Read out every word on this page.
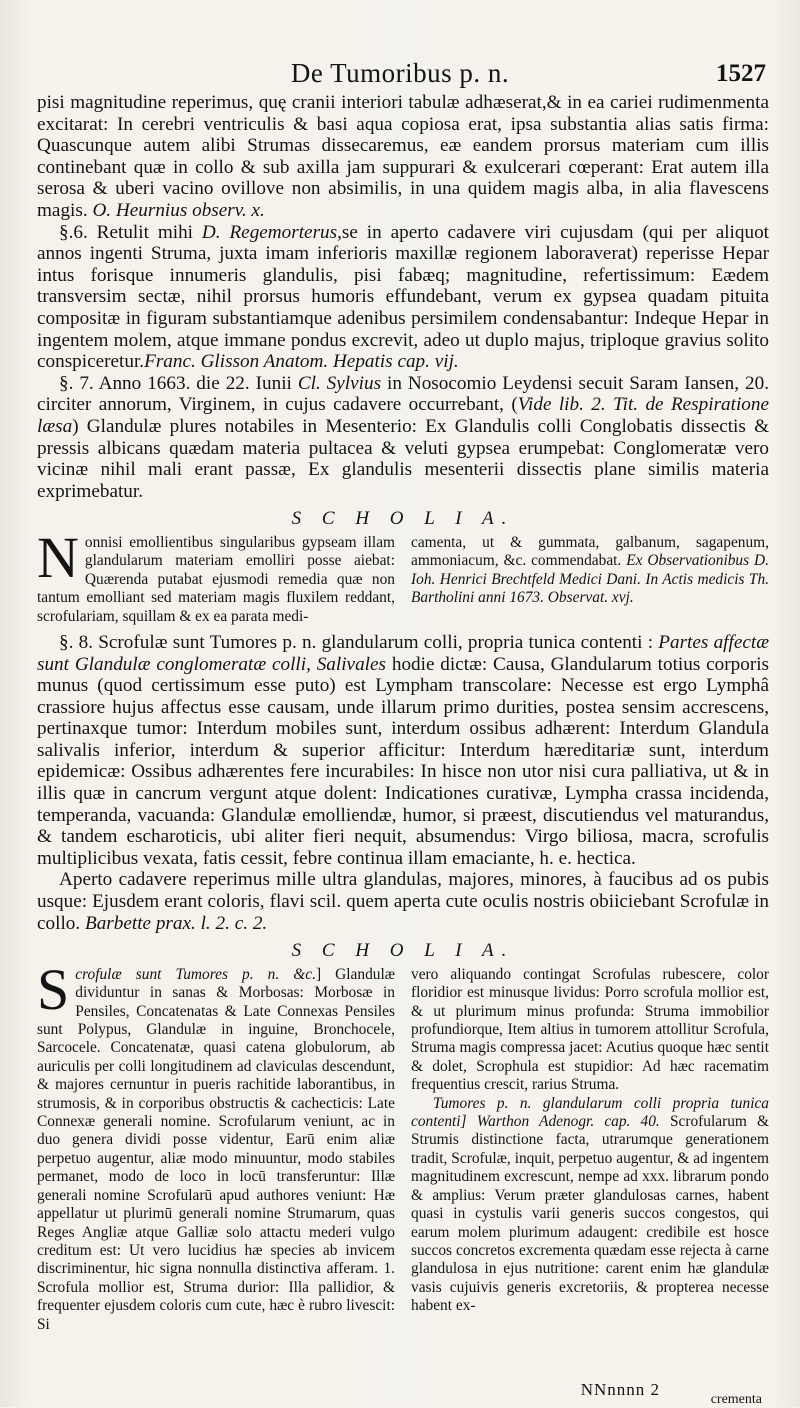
De Tumoribus p. n.	1527

pisi magnitudine reperimus, quę cranii interiori tabulæ adhæserat,& in ea cariei rudimenmenta excitarat: In cerebri ventriculis & basi aqua copiosa erat, ipsa substantia alias satis firma: Quascunque autem alibi Strumas dissecaremus, eæ eandem prorsus materiam cum illis continebant quæ in collo & sub axilla jam suppurari & exulcerari cœperant: Erat autem illa serosa & uberi vacino ovillove non absimilis, in una quidem magis alba, in alia flavescens magis. O. Heurnius observ. x.

§.6. Retulit mihi D. Regemorterus,se in aperto cadavere viri cujusdam (qui per aliquot annos ingenti Struma, juxta imam inferioris maxillæ regionem laboraverat) reperisse Hepar intus forisque innumeris glandulis, pisi fabæq; magnitudine, refertissimum: Eædem transversim sectæ, nihil prorsus humoris effundebant, verum ex gypsea quadam pituita compositæ in figuram substantiamque adenibus persimilem condensabantur: Indeque Hepar in ingentem molem, atque immane pondus excrevit, adeo ut duplo majus, triploque gravius solito conspiceretur.Franc. Glisson Anatom. Hepatis cap. vij.

§. 7. Anno 1663. die 22. Iunii Cl. Sylvius in Nosocomio Leydensi secuit Saram Iansen, 20. circiter annorum, Virginem, in cujus cadavere occurrebant, (Vide lib. 2. Tit. de Respiratione læsa) Glandulæ plures notabiles in Mesenterio: Ex Glandulis colli Conglobatis dissectis & pressis albicans quædam materia pultacea & veluti gypsea erumpebat: Conglomeratæ vero vicinæ nihil mali erant passæ, Ex glandulis mesenterii dissectis plane similis materia exprimebatur.

S C H O L I A.

Nonnisi emollientibus singularibus gypseam illam glandularum materiam emolliri posse aiebat: Quærenda putabat ejusmodi remedia quæ non tantum emolliant sed materiam magis fluxilem reddant, scrofulariam, squillam & ex ea parata medi-

camenta, ut & gummata, galbanum, sagapenum, ammoniacum, &c. commendabat. Ex Observationibus D. Ioh. Henrici Brechtfeld Medici Dani. In Actis medicis Th. Bartholini anni 1673. Observat. xvj.

§. 8. Scrofulæ sunt Tumores p. n. glandularum colli, propria tunica contenti : Partes affectæ sunt Glandulæ conglomeratæ colli, Salivales hodie dictæ: Causa, Glandularum totius corporis munus (quod certissimum esse puto) est Lympham transcolare: Necesse est ergo Lymphâ crassiore hujus affectus esse causam, unde illarum primo durities, postea sensim accrescens, pertinaxque tumor: Interdum mobiles sunt, interdum ossibus adhærent: Interdum Glandula salivalis inferior, interdum & superior afficitur: Interdum hæreditariæ sunt, interdum epidemicæ: Ossibus adhærentes fere incurabiles: In hisce non utor nisi cura palliativa, ut & in illis quæ in cancrum vergunt atque dolent: Indicationes curativæ, Lympha crassa incidenda, temperanda, vacuanda: Glandulæ emolliendæ, humor, si præest, discutiendus vel maturandus, & tandem escharoticis, ubi aliter fieri nequit, absumendus: Virgo biliosa, macra, scrofulis multiplicibus vexata, fatis cessit, febre continua illam emaciante, h. e. hectica.

Aperto cadavere reperimus mille ultra glandulas, majores, minores, à faucibus ad os pubis usque: Ejusdem erant coloris, flavi scil. quem aperta cute oculis nostris obiiciebant Scrofulæ in collo. Barbette prax. l. 2. c. 2.

S C H O L I A.

Scrofulæ sunt Tumores p. n. &c.] Glandulæ dividuntur in sanas & Morbosas: Morbosæ in Pensiles, Concatenatas & Late Connexas Pensiles sunt Polypus, Glandulæ in inguine, Bronchocele, Sarcocele. Concatenatæ, quasi catena globulorum, ab auriculis per colli longitudinem ad claviculas descendunt, & majores cernuntur in pueris rachitide laborantibus, in strumosis, & in corporibus obstructis & cachecticis: Late Connexæ generali nomine. Scrofularum veniunt, ac in duo genera dividi posse videntur, Earū enim aliæ perpetuo augentur, aliæ modo minuuntur, modo stabiles permanet, modo de loco in locū transferuntur: Illæ generali nomine Scrofularū apud authores veniunt: Hæ appellatur ut plurimū generali nomine Strumarum, quas Reges Angliæ atque Galliæ solo attactu mederi vulgo creditum est: Ut vero lucidius hæ species ab invicem discriminentur, hic signa nonnulla distinctiva afferam. 1. Scrofula mollior est, Struma durior: Illa pallidior, & frequenter ejusdem coloris cum cute, hæc è rubro livescit: Si

vero aliquando contingat Scrofulas rubescere, color floridior est minusque lividus: Porro scrofula mollior est, & ut plurimum minus profunda: Struma immobilior profundiorque, Item altius in tumorem attollitur Scrofula, Struma magis compressa jacet: Acutius quoque hæc sentit & dolet, Scrophula est stupidior: Ad hæc racematim frequentius crescit, rarius Struma.

Tumores p. n. glandularum colli propria tunica contenti] Warthon Adenogr. cap. 40. Scrofularum & Strumis distinctione facta, utrarumque generationem tradit, Scrofulæ, inquit, perpetuo augentur, & ad ingentem magnitudinem excrescunt, nempe ad xxx. librarum pondo & amplius: Verum præter glandulosas carnes, habent quasi in cystulis varii generis succos congestos, qui earum molem plurimum adaugent: credibile est hosce succos concretos excrementa quædam esse rejecta à carne glandulosa in ejus nutritione: carent enim hæ glandulæ vasis cujuivis generis excretoriis, & propterea necesse habent ex-

NNnnnn 2
crementa
